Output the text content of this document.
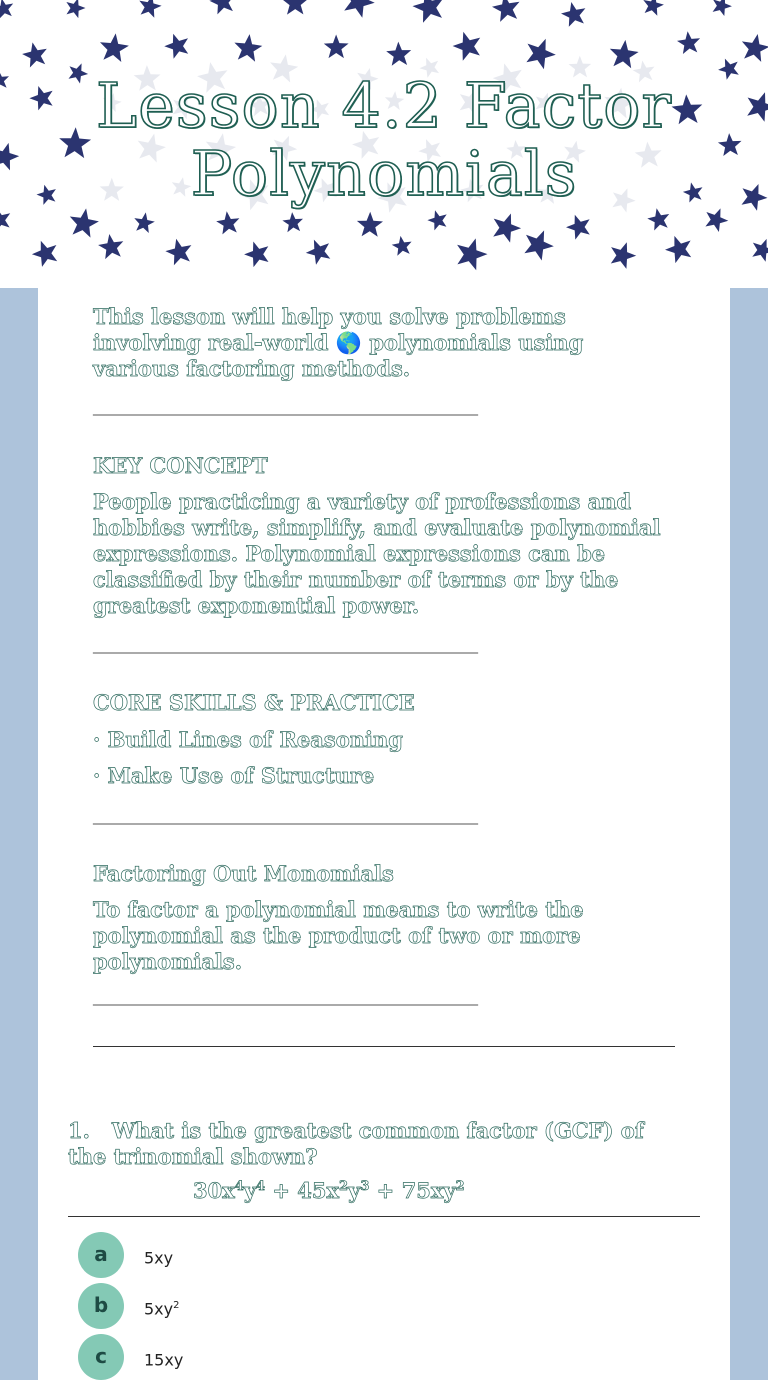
Lesson 4.2 Factor
Polynomials
This lesson will help you solve problems involving real-world 🌎 polynomials using various factoring methods.
________________________________________________________________
KEY CONCEPT
People practicing a variety of professions and hobbies write, simplify, and evaluate polynomial expressions. Polynomial expressions can be classified by their number of terms or by the greatest exponential power.
________________________________________________________________
CORE SKILLS & PRACTICE
· Build Lines of Reasoning
· Make Use of Structure
________________________________________________________________
Factoring Out Monomials
To factor a polynomial means to write the polynomial as the product of two or more polynomials.
________________________________________________________________
1. What is the greatest common factor (GCF) of the trinomial shown?
$30x^4y^4 + 45x^2y^3 + 75xy^2$
a	5xy
b	$5xy^2$
c	15xy
